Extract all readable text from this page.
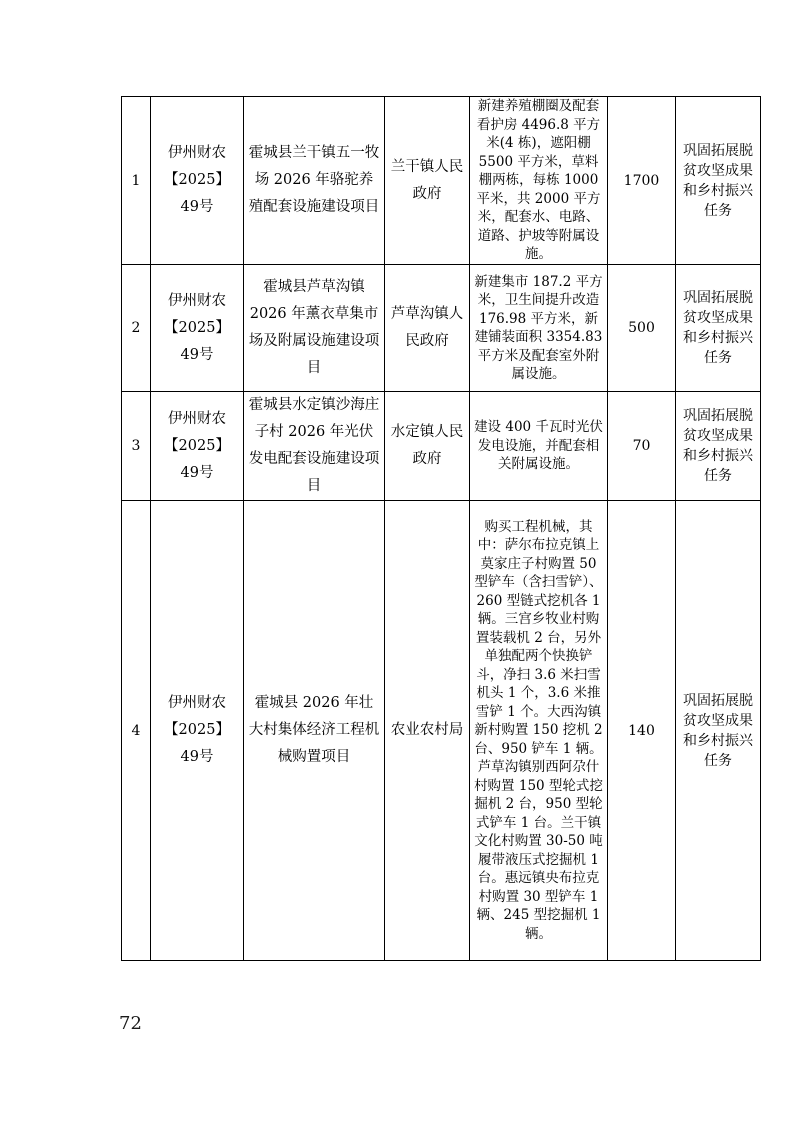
1	伊州财农【2025】49号	霍城县兰干镇五一牧场 2026 年骆驼养殖配套设施建设项目	兰干镇人民政府	新建养殖棚圈及配套看护房 4496.8 平方米(4 栋)，遮阳棚 5500 平方米，草料棚两栋，每栋 1000 平米，共 2000 平方米，配套水、电路、道路、护坡等附属设施。	1700	巩固拓展脱贫攻坚成果和乡村振兴任务
2	伊州财农【2025】49号	霍城县芦草沟镇 2026 年薰衣草集市场及附属设施建设项目	芦草沟镇人民政府	新建集市 187.2 平方米，卫生间提升改造 176.98 平方米，新建铺装面积 3354.83 平方米及配套室外附属设施。	500	巩固拓展脱贫攻坚成果和乡村振兴任务
3	伊州财农【2025】49号	霍城县水定镇沙海庄子村 2026 年光伏发电配套设施建设项目	水定镇人民政府	建设 400 千瓦时光伏发电设施，并配套相关附属设施。	70	巩固拓展脱贫攻坚成果和乡村振兴任务
4	伊州财农【2025】49号	霍城县 2026 年壮大村集体经济工程机械购置项目	农业农村局	购买工程机械，其中：萨尔布拉克镇上莫家庄子村购置 50 型铲车（含扫雪铲）、260 型链式挖机各 1 辆。三宫乡牧业村购置装载机 2 台，另外单独配两个快换铲斗，净扫 3.6 米扫雪机头 1 个，3.6 米推雪铲 1 个。大西沟镇新村购置 150 挖机 2 台、950 铲车 1 辆。芦草沟镇别西阿尕什村购置 150 型轮式挖掘机 2 台，950 型轮式铲车 1 台。兰干镇文化村购置 30-50 吨履带液压式挖掘机 1 台。惠远镇央布拉克村购置 30 型铲车 1 辆、245 型挖掘机 1 辆。	140	巩固拓展脱贫攻坚成果和乡村振兴任务
72
